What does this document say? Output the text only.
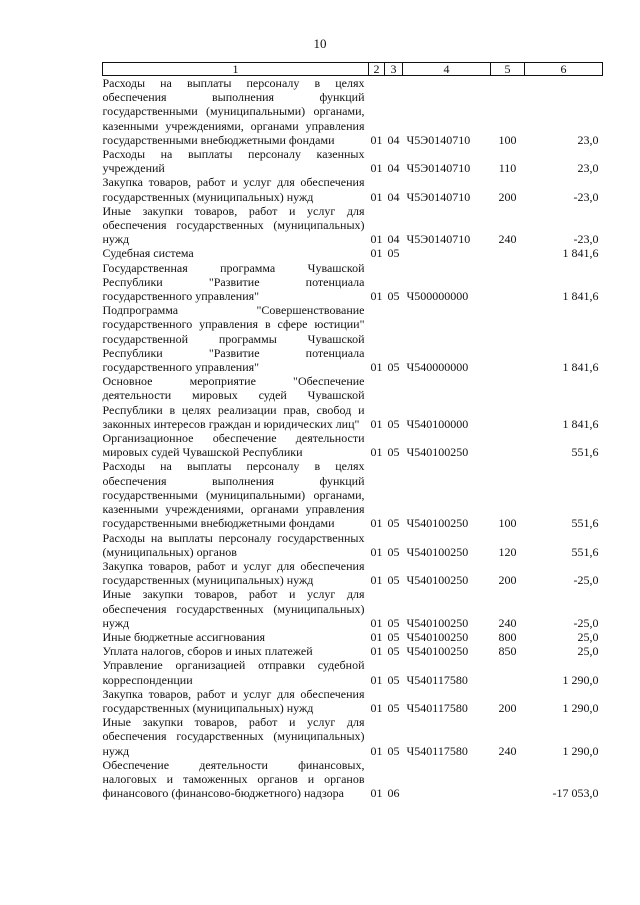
10
1	2	3	4	5	6
Расходы на выплаты персоналу в целях обеспечения выполнения функций государственными (муниципальными) органами, казенными учреждениями, органами управления государственными внебюджетными фондами	01	04	Ч5Э0140710	100	23,0
Расходы на выплаты персоналу казенных учреждений	01	04	Ч5Э0140710	110	23,0
Закупка товаров, работ и услуг для обеспечения государственных (муниципальных) нужд	01	04	Ч5Э0140710	200	-23,0
Иные закупки товаров, работ и услуг для обеспечения государственных (муниципальных) нужд	01	04	Ч5Э0140710	240	-23,0
Судебная система	01	05			1 841,6
Государственная программа Чувашской Республики "Развитие потенциала государственного управления"	01	05	Ч500000000		1 841,6
Подпрограмма "Совершенствование государственного управления в сфере юстиции" государственной программы Чувашской Республики "Развитие потенциала государственного управления"	01	05	Ч540000000		1 841,6
Основное мероприятие "Обеспечение деятельности мировых судей Чувашской Республики в целях реализации прав, свобод и законных интересов граждан и юридических лиц"	01	05	Ч540100000		1 841,6
Организационное обеспечение деятельности мировых судей Чувашской Республики	01	05	Ч540100250		551,6
Расходы на выплаты персоналу в целях обеспечения выполнения функций государственными (муниципальными) органами, казенными учреждениями, органами управления государственными внебюджетными фондами	01	05	Ч540100250	100	551,6
Расходы на выплаты персоналу государственных (муниципальных) органов	01	05	Ч540100250	120	551,6
Закупка товаров, работ и услуг для обеспечения государственных (муниципальных) нужд	01	05	Ч540100250	200	-25,0
Иные закупки товаров, работ и услуг для обеспечения государственных (муниципальных) нужд	01	05	Ч540100250	240	-25,0
Иные бюджетные ассигнования	01	05	Ч540100250	800	25,0
Уплата налогов, сборов и иных платежей	01	05	Ч540100250	850	25,0
Управление организацией отправки судебной корреспонденции	01	05	Ч540117580		1 290,0
Закупка товаров, работ и услуг для обеспечения государственных (муниципальных) нужд	01	05	Ч540117580	200	1 290,0
Иные закупки товаров, работ и услуг для обеспечения государственных (муниципальных) нужд	01	05	Ч540117580	240	1 290,0
Обеспечение деятельности финансовых, налоговых и таможенных органов и органов финансового (финансово-бюджетного) надзора	01	06			-17 053,0
